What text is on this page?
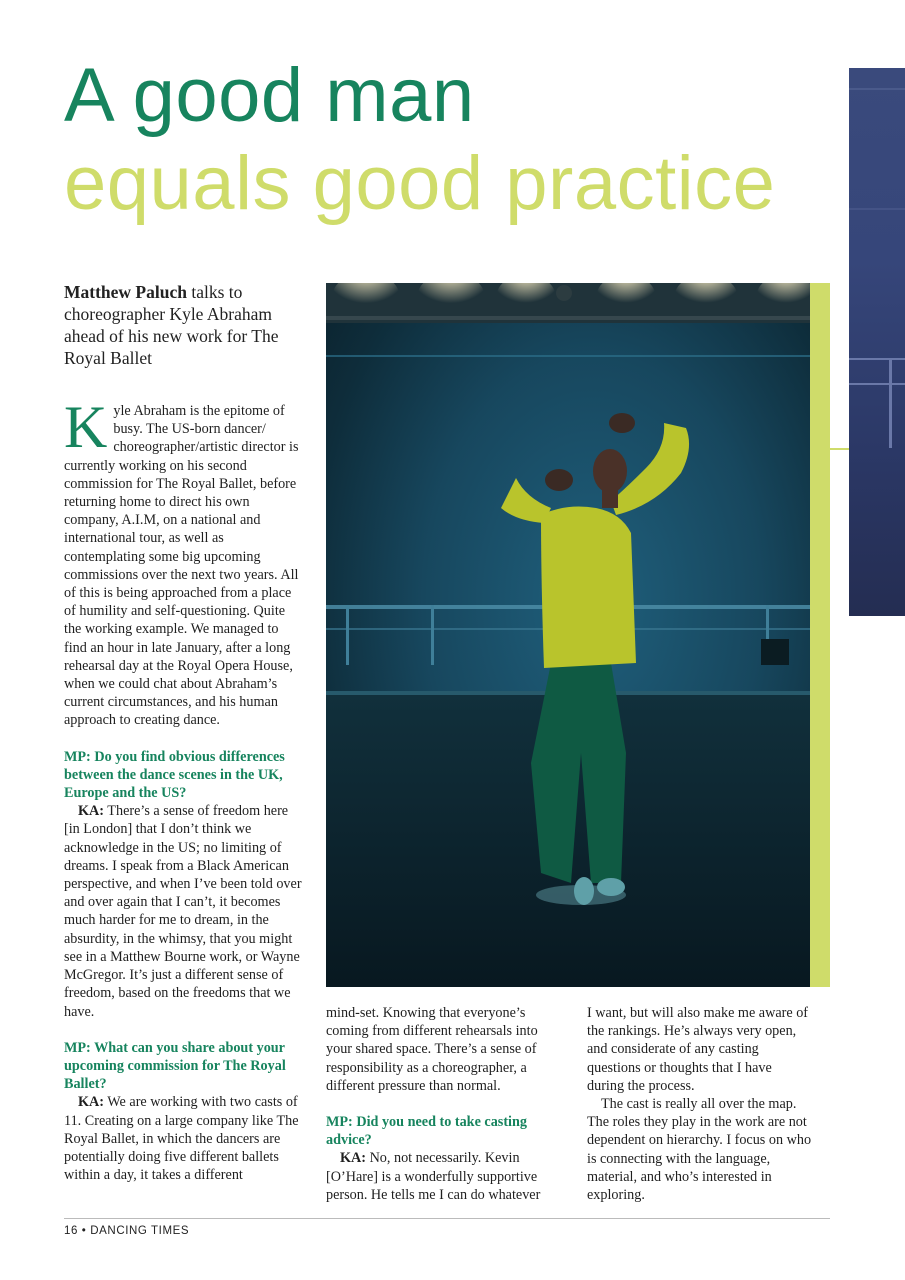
A good man
equals good practice
Matthew Paluch talks to choreographer Kyle Abraham ahead of his new work for The Royal Ballet

Kyle Abraham is the epitome of busy. The US-born dancer/ choreographer/artistic director is currently working on his second commission for The Royal Ballet, before returning home to direct his own company, A.I.M, on a national and international tour, as well as contemplating some big upcoming commissions over the next two years. All of this is being approached from a place of humility and self-questioning. Quite the working example. We managed to find an hour in late January, after a long rehearsal day at the Royal Opera House, when we could chat about Abraham’s current circumstances, and his human approach to creating dance.

MP: Do you find obvious differences between the dance scenes in the UK, Europe and the US?

KA: There’s a sense of freedom here [in London] that I don’t think we acknowledge in the US; no limiting of dreams. I speak from a Black American perspective, and when I’ve been told over and over again that I can’t, it becomes much harder for me to dream, in the absurdity, in the whimsy, that you might see in a Matthew Bourne work, or Wayne McGregor. It’s just a different sense of freedom, based on the freedoms that we have.

MP: What can you share about your upcoming commission for The Royal Ballet?

KA: We are working with two casts of 11. Creating on a large company like The Royal Ballet, in which the dancers are potentially doing five different ballets within a day, it takes a different

mind-set. Knowing that everyone’s coming from different rehearsals into your shared space. There’s a sense of responsibility as a choreographer, a different pressure than normal.

MP: Did you need to take casting advice?

KA: No, not necessarily. Kevin [O’Hare] is a wonderfully supportive person. He tells me I can do whatever

I want, but will also make me aware of the rankings. He’s always very open, and considerate of any casting questions or thoughts that I have during the process.

The cast is really all over the map. The roles they play in the work are not dependent on hierarchy. I focus on who is connecting with the language, material, and who’s interested in exploring.

16 • DANCING TIMES
